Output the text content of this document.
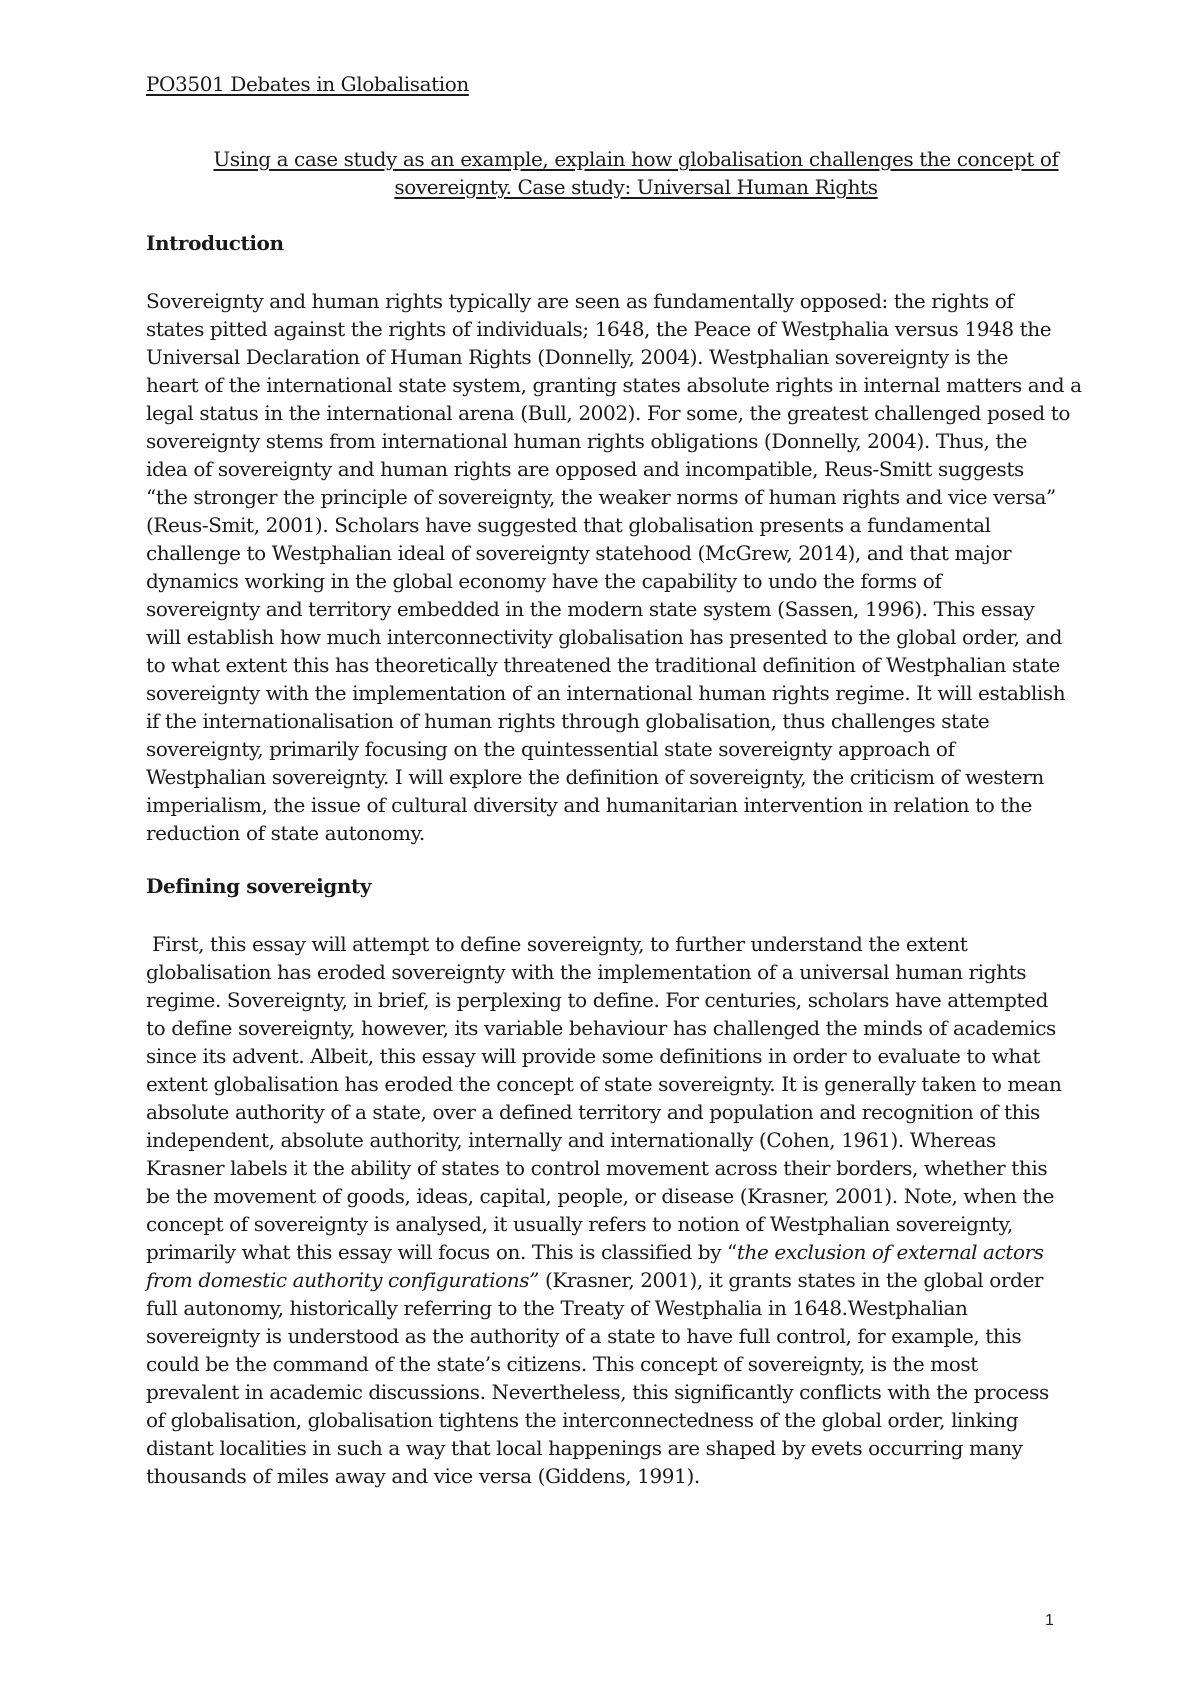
PO3501 Debates in Globalisation
Using a case study as an example, explain how globalisation challenges the concept of
sovereignty. Case study: Universal Human Rights
Introduction
Sovereignty and human rights typically are seen as fundamentally opposed: the rights of
states pitted against the rights of individuals; 1648, the Peace of Westphalia versus 1948 the
Universal Declaration of Human Rights (Donnelly, 2004). Westphalian sovereignty is the
heart of the international state system, granting states absolute rights in internal matters and a
legal status in the international arena (Bull, 2002). For some, the greatest challenged posed to
sovereignty stems from international human rights obligations (Donnelly, 2004). Thus, the
idea of sovereignty and human rights are opposed and incompatible, Reus-Smitt suggests
“the stronger the principle of sovereignty, the weaker norms of human rights and vice versa”
(Reus-Smit, 2001). Scholars have suggested that globalisation presents a fundamental
challenge to Westphalian ideal of sovereignty statehood (McGrew, 2014), and that major
dynamics working in the global economy have the capability to undo the forms of
sovereignty and territory embedded in the modern state system (Sassen, 1996). This essay
will establish how much interconnectivity globalisation has presented to the global order, and
to what extent this has theoretically threatened the traditional definition of Westphalian state
sovereignty with the implementation of an international human rights regime. It will establish
if the internationalisation of human rights through globalisation, thus challenges state
sovereignty, primarily focusing on the quintessential state sovereignty approach of
Westphalian sovereignty. I will explore the definition of sovereignty, the criticism of western
imperialism, the issue of cultural diversity and humanitarian intervention in relation to the
reduction of state autonomy.
Defining sovereignty
First, this essay will attempt to define sovereignty, to further understand the extent
globalisation has eroded sovereignty with the implementation of a universal human rights
regime. Sovereignty, in brief, is perplexing to define. For centuries, scholars have attempted
to define sovereignty, however, its variable behaviour has challenged the minds of academics
since its advent. Albeit, this essay will provide some definitions in order to evaluate to what
extent globalisation has eroded the concept of state sovereignty. It is generally taken to mean
absolute authority of a state, over a defined territory and population and recognition of this
independent, absolute authority, internally and internationally (Cohen, 1961). Whereas
Krasner labels it the ability of states to control movement across their borders, whether this
be the movement of goods, ideas, capital, people, or disease (Krasner, 2001). Note, when the
concept of sovereignty is analysed, it usually refers to notion of Westphalian sovereignty,
primarily what this essay will focus on. This is classified by “the exclusion of external actors
from domestic authority configurations” (Krasner, 2001), it grants states in the global order
full autonomy, historically referring to the Treaty of Westphalia in 1648.Westphalian
sovereignty is understood as the authority of a state to have full control, for example, this
could be the command of the state’s citizens. This concept of sovereignty, is the most
prevalent in academic discussions. Nevertheless, this significantly conflicts with the process
of globalisation, globalisation tightens the interconnectedness of the global order, linking
distant localities in such a way that local happenings are shaped by evets occurring many
thousands of miles away and vice versa (Giddens, 1991).
1
